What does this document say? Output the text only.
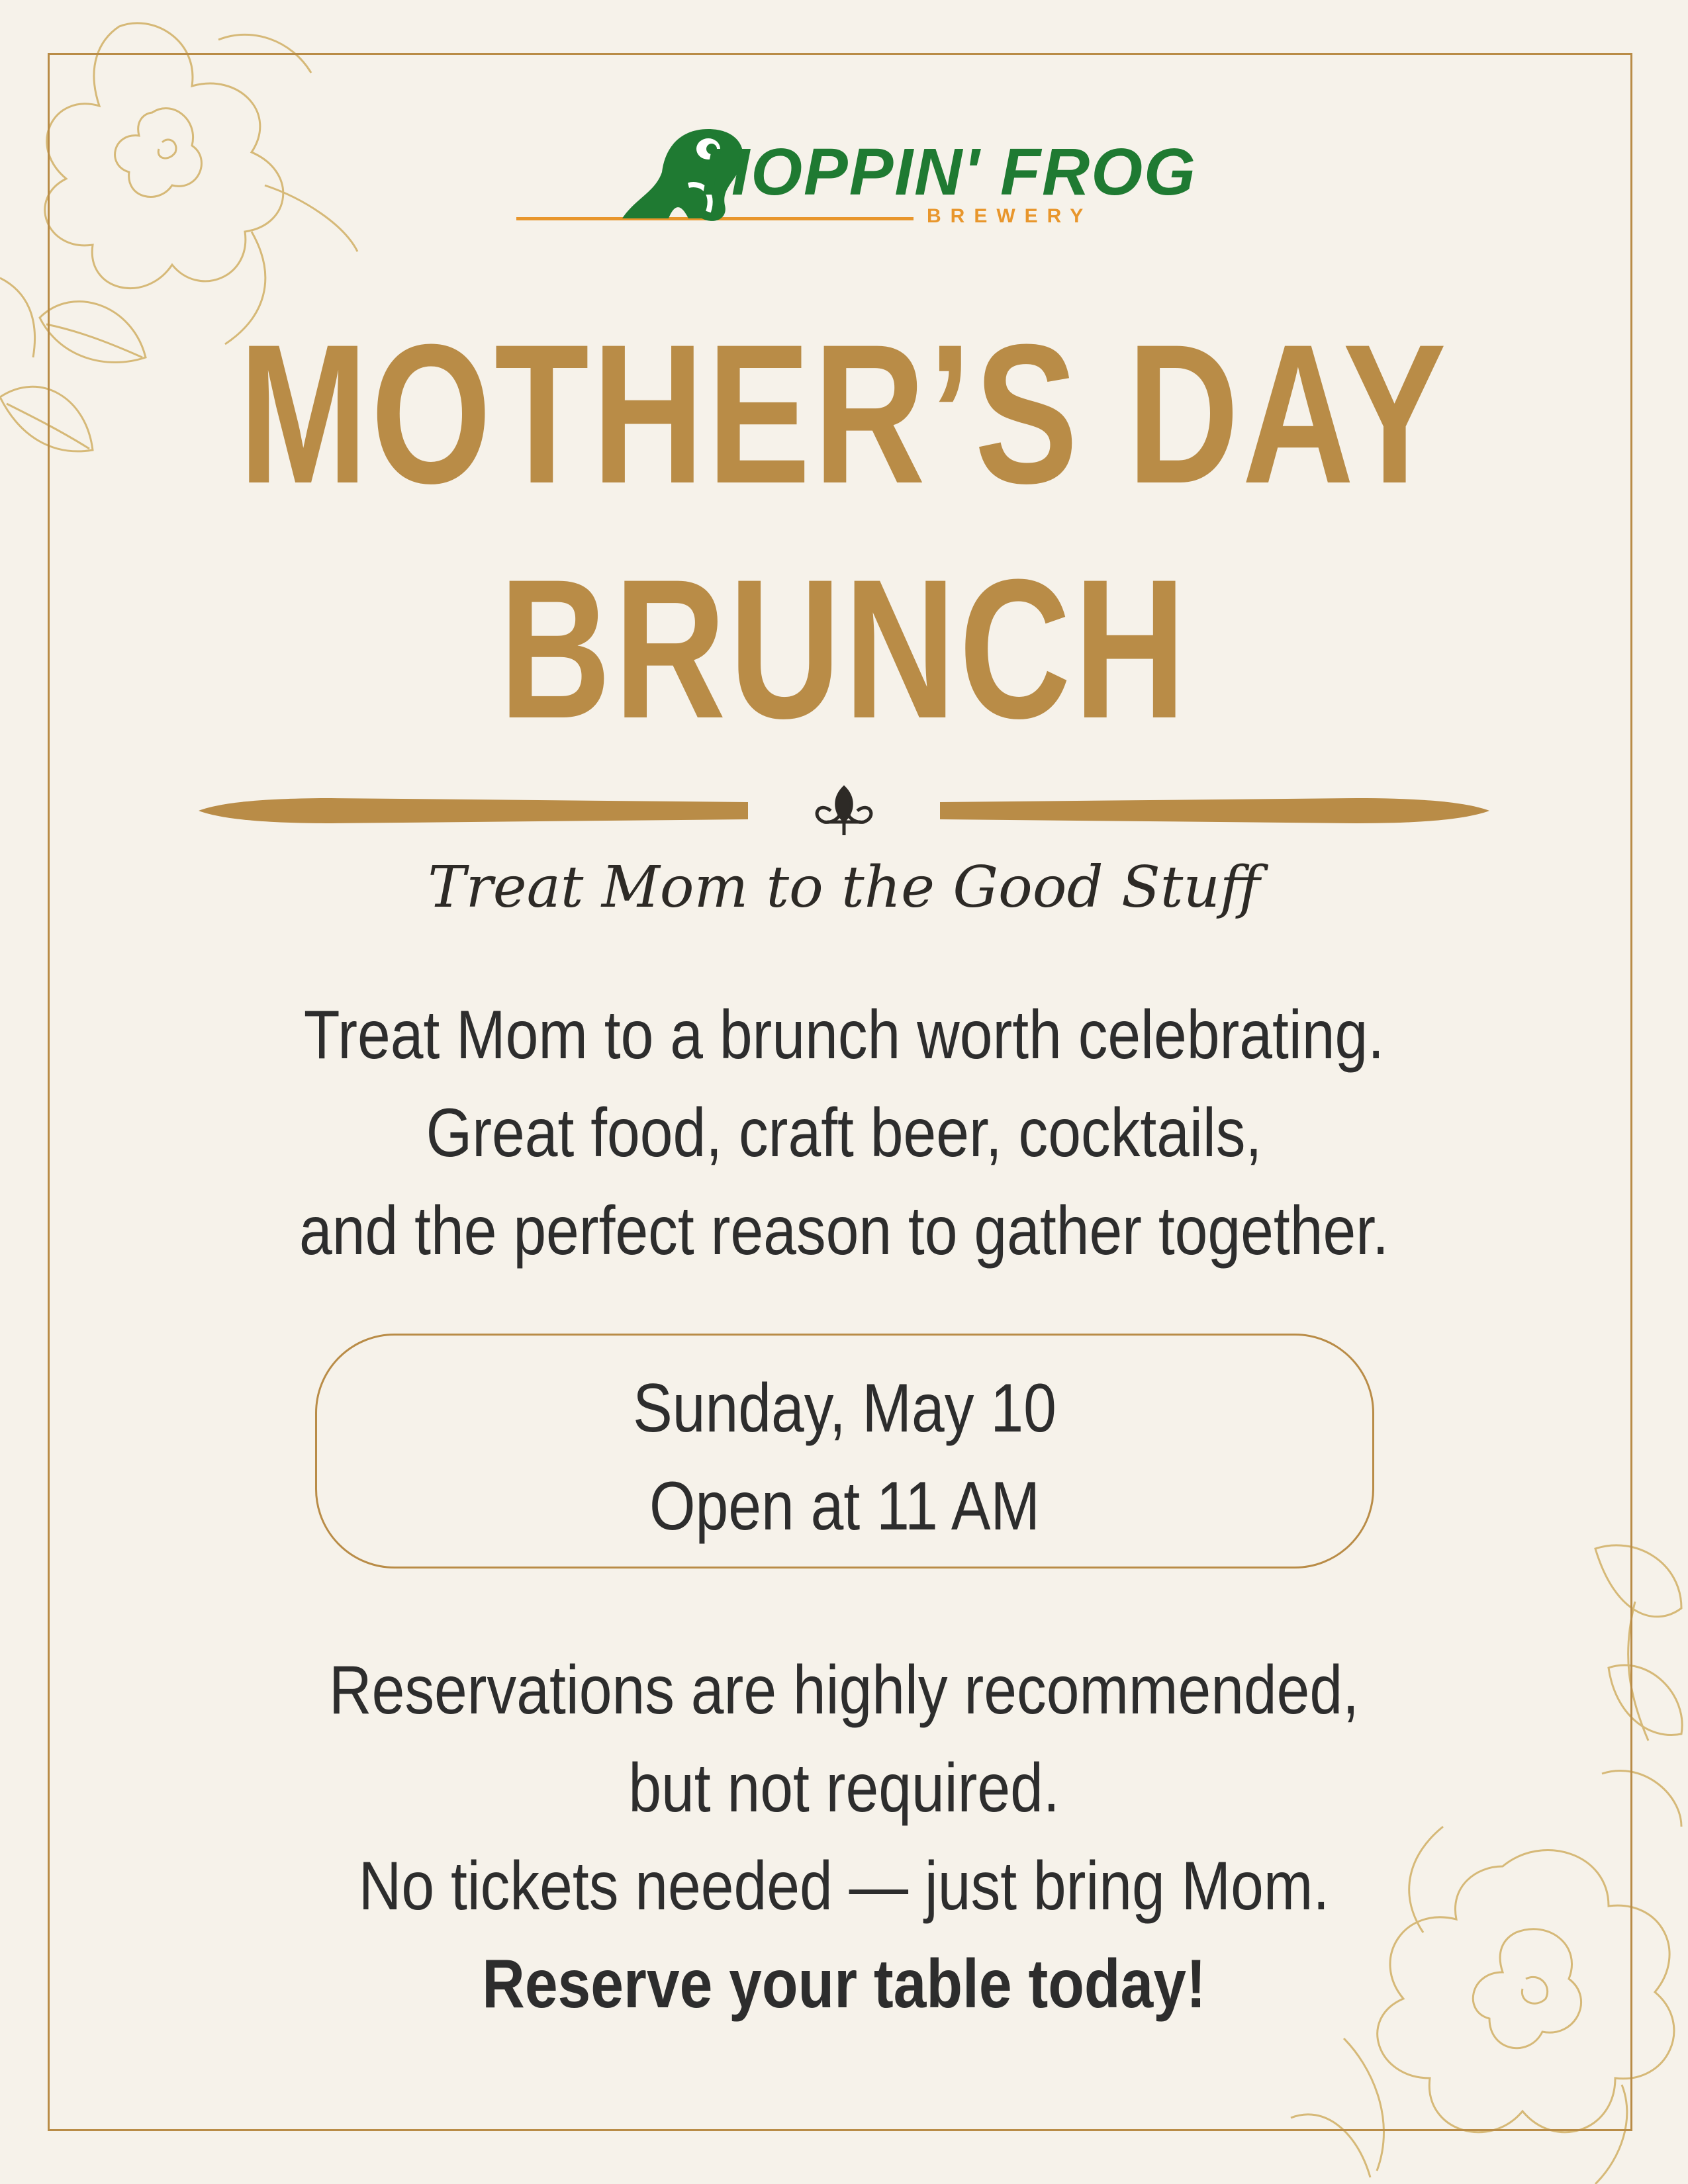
HOPPIN' FROG
BREWERY
MOTHER’S DAY
BRUNCH
Treat Mom to the Good Stuff
Treat Mom to a brunch worth celebrating.
Great food, craft beer, cocktails,
and the perfect reason to gather together.
Sunday, May 10
Open at 11 AM
Reservations are highly recommended,
but not required.
No tickets needed — just bring Mom.
Reserve your table today!
